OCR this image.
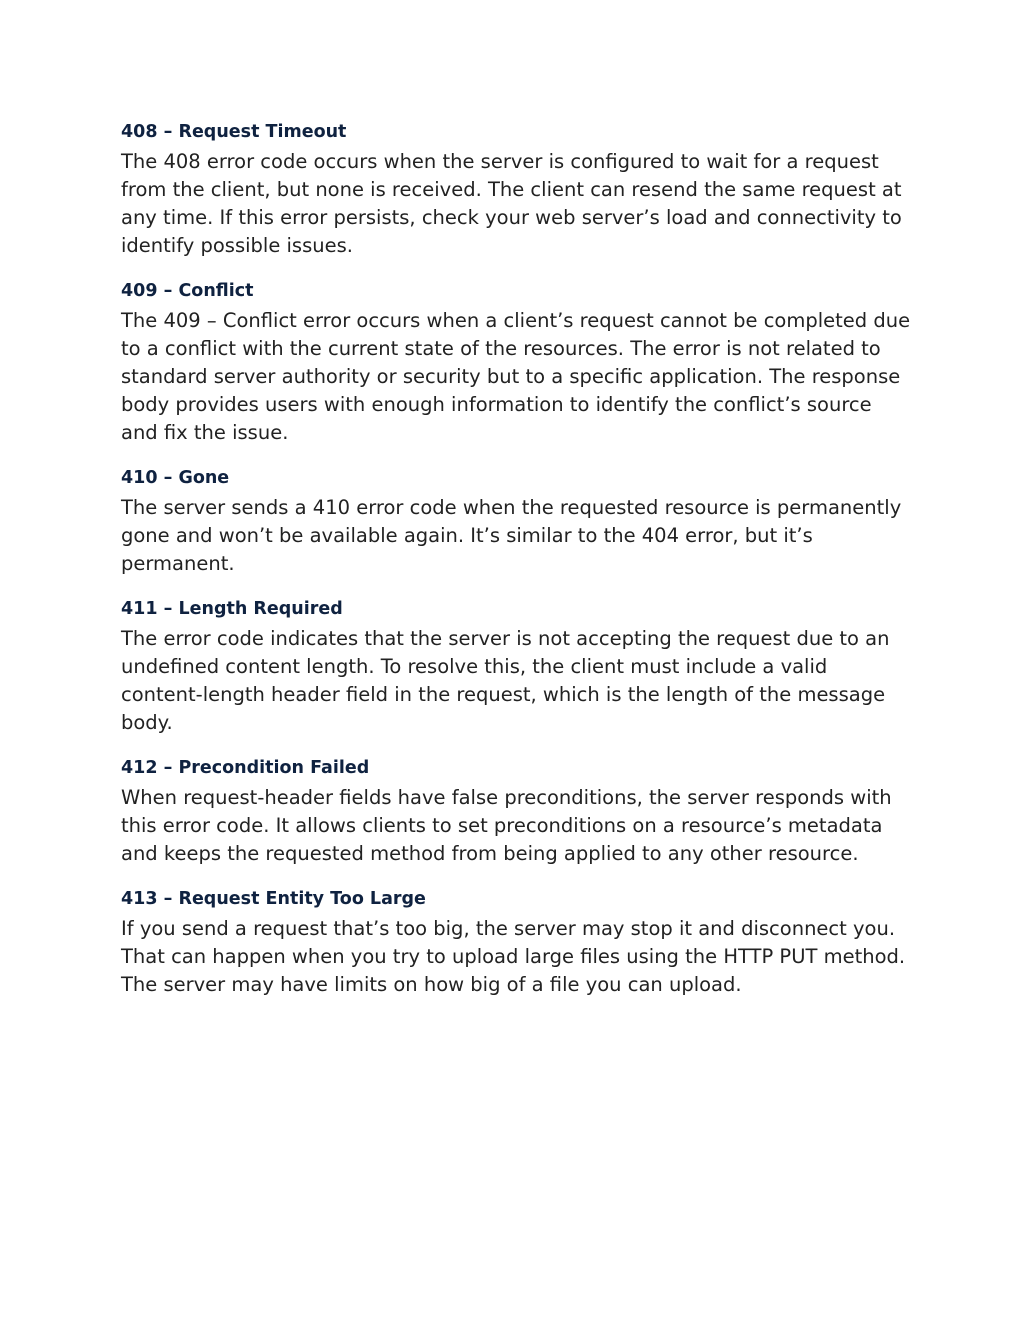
408 – Request Timeout

The 408 error code occurs when the server is configured to wait for a request from the client, but none is received. The client can resend the same request at any time. If this error persists, check your web server’s load and connectivity to identify possible issues.

409 – Conflict

The 409 – Conflict error occurs when a client’s request cannot be completed due to a conflict with the current state of the resources. The error is not related to standard server authority or security but to a specific application. The response body provides users with enough information to identify the conflict’s source and fix the issue.

410 – Gone

The server sends a 410 error code when the requested resource is permanently gone and won’t be available again. It’s similar to the 404 error, but it’s permanent.

411 – Length Required

The error code indicates that the server is not accepting the request due to an undefined content length. To resolve this, the client must include a valid content-length header field in the request, which is the length of the message body.

412 – Precondition Failed

When request-header fields have false preconditions, the server responds with this error code. It allows clients to set preconditions on a resource’s metadata and keeps the requested method from being applied to any other resource.

413 – Request Entity Too Large

If you send a request that’s too big, the server may stop it and disconnect you. That can happen when you try to upload large files using the HTTP PUT method. The server may have limits on how big of a file you can upload.
